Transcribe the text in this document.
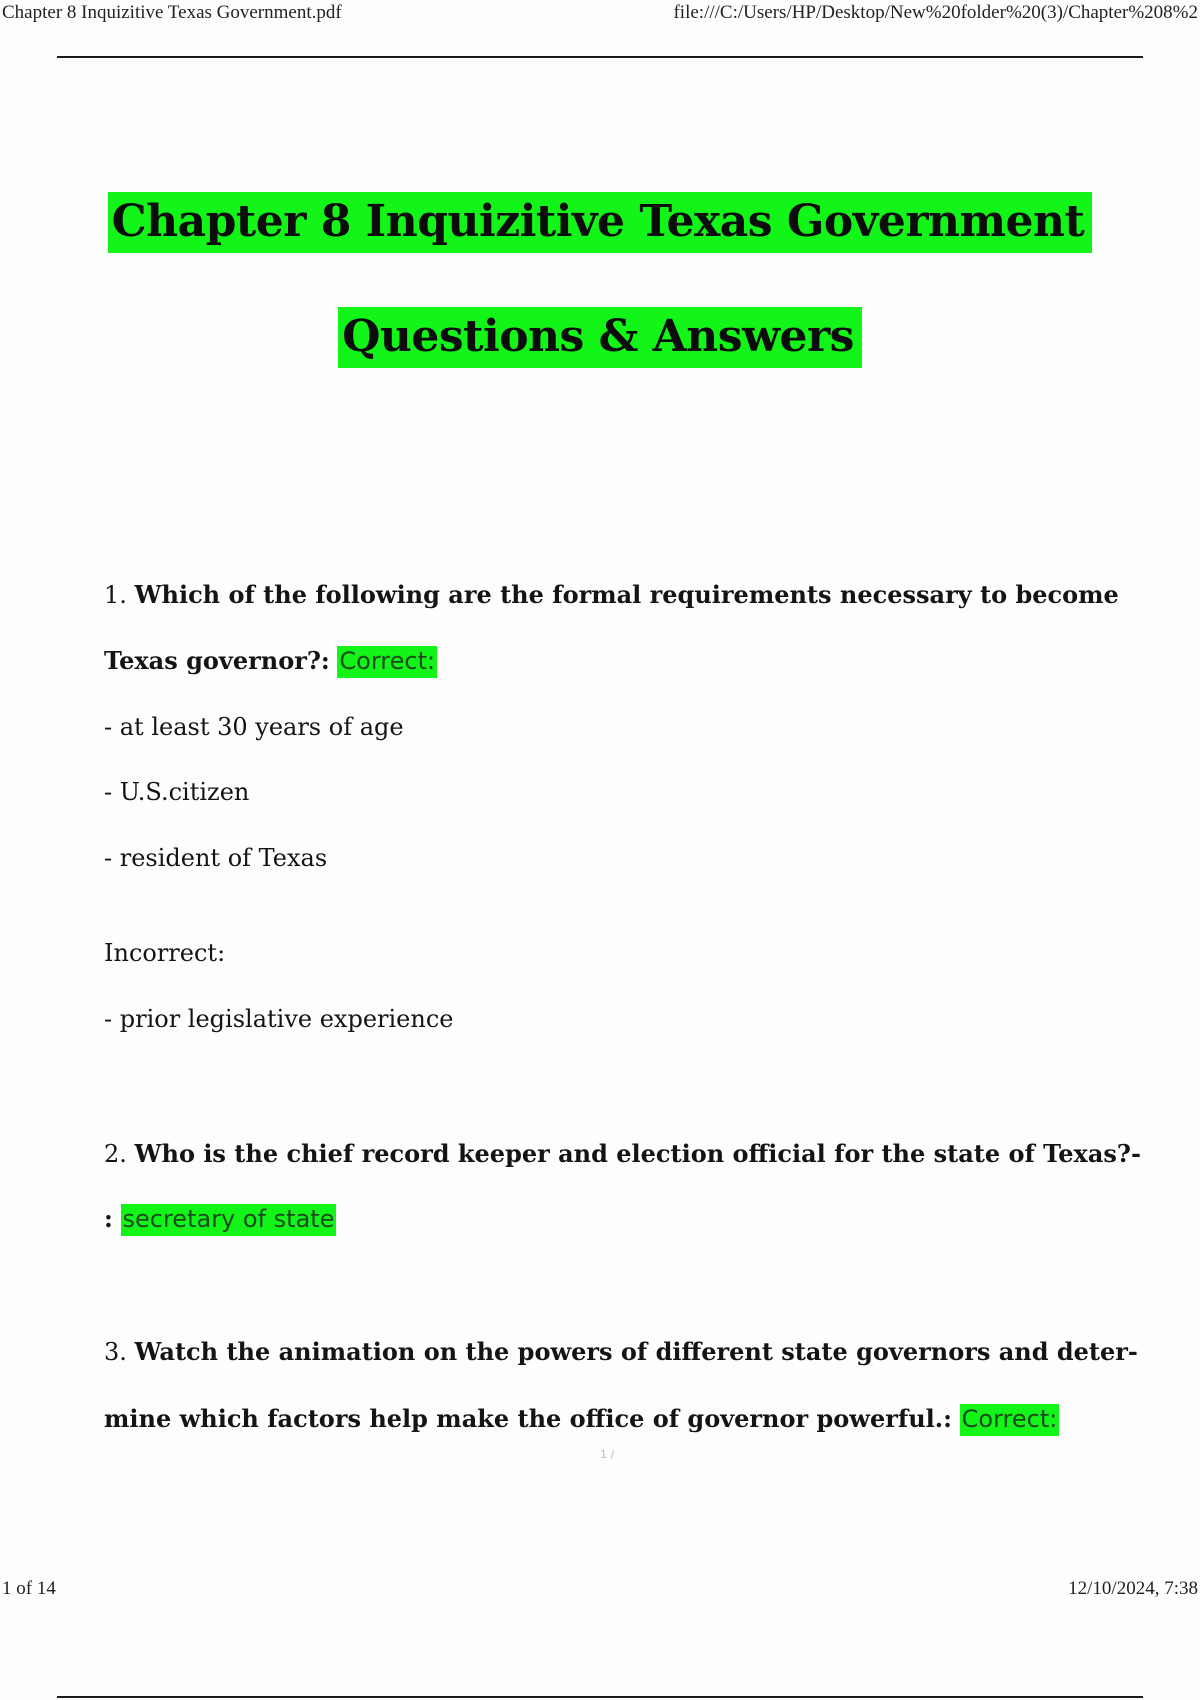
Chapter 8 Inquizitive Texas Government.pdf	file:///C:/Users/HP/Desktop/New%20folder%20(3)/Chapter%208%2
Chapter 8 Inquizitive Texas Government
Questions & Answers
1. Which of the following are the formal requirements necessary to become
Texas governor?: Correct:
- at least 30 years of age
- U.S.citizen
- resident of Texas
Incorrect:
- prior legislative experience
2. Who is the chief record keeper and election official for the state of Texas?-
: secretary of state
3. Watch the animation on the powers of different state governors and deter-
mine which factors help make the office of governor powerful.: Correct:
1 /
1 of 14	12/10/2024, 7:38
